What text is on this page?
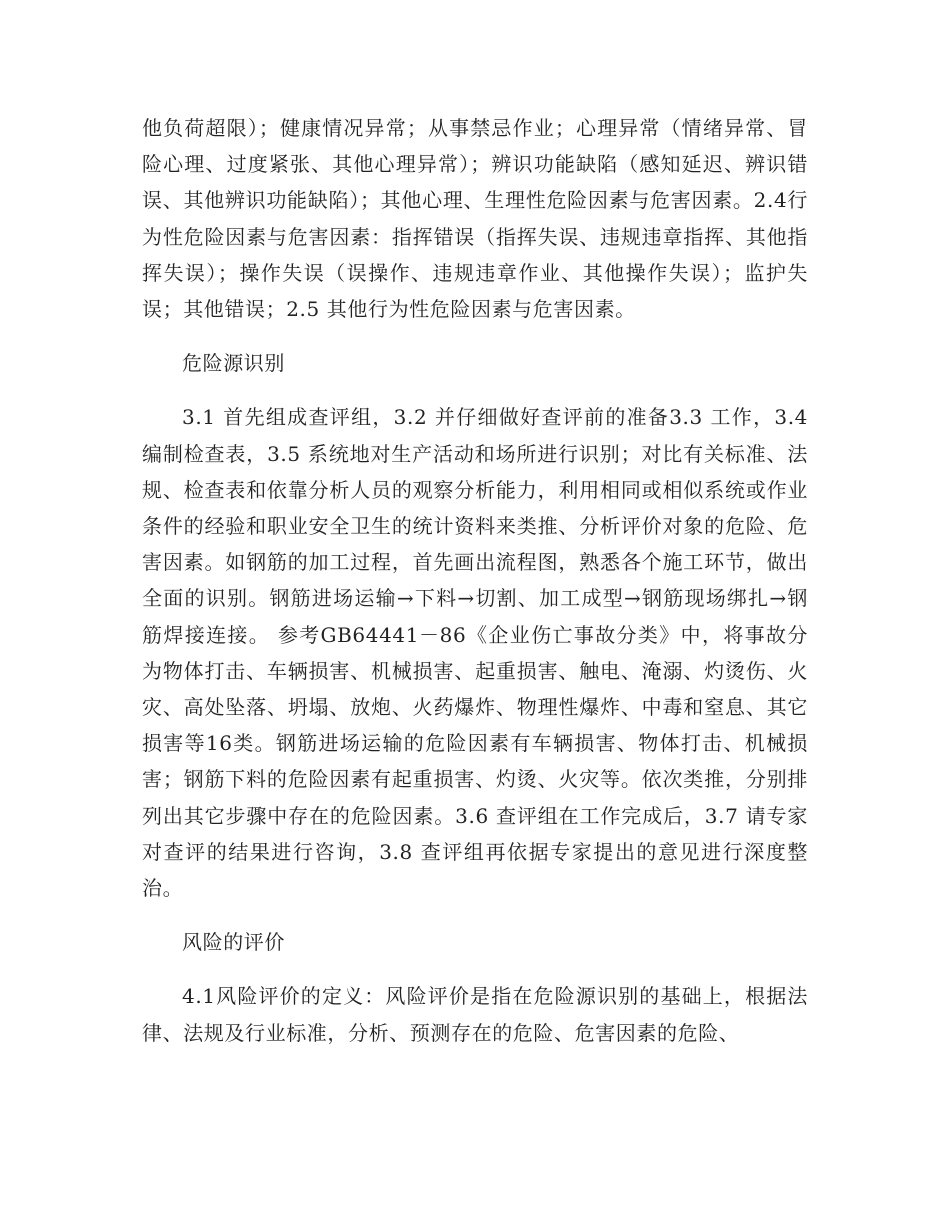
他负荷超限）；健康情况异常；从事禁忌作业；心理异常（情绪异常、冒险心理、过度紧张、其他心理异常）；辨识功能缺陷（感知延迟、辨识错误、其他辨识功能缺陷）；其他心理、生理性危险因素与危害因素。2.4行为性危险因素与危害因素：指挥错误（指挥失误、违规违章指挥、其他指挥失误）；操作失误（误操作、违规违章作业、其他操作失误）；监护失误；其他错误；2.5 其他行为性危险因素与危害因素。

危险源识别

3.1 首先组成查评组，3.2 并仔细做好查评前的准备3.3 工作，3.4 编制检查表，3.5 系统地对生产活动和场所进行识别；对比有关标准、法规、检查表和依靠分析人员的观察分析能力，利用相同或相似系统或作业条件的经验和职业安全卫生的统计资料来类推、分析评价对象的危险、危害因素。如钢筋的加工过程，首先画出流程图，熟悉各个施工环节，做出全面的识别。钢筋进场运输→下料→切割、加工成型→钢筋现场绑扎→钢筋焊接连接。 参考GB64441－86《企业伤亡事故分类》中，将事故分为物体打击、车辆损害、机械损害、起重损害、触电、淹溺、灼烫伤、火灾、高处坠落、坍塌、放炮、火药爆炸、物理性爆炸、中毒和窒息、其它损害等16类。钢筋进场运输的危险因素有车辆损害、物体打击、机械损害；钢筋下料的危险因素有起重损害、灼烫、火灾等。依次类推，分别排列出其它步骤中存在的危险因素。3.6 查评组在工作完成后，3.7 请专家对查评的结果进行咨询，3.8 查评组再依据专家提出的意见进行深度整治。

风险的评价

4.1风险评价的定义：风险评价是指在危险源识别的基础上，根据法律、法规及行业标准，分析、预测存在的危险、危害因素的危险、
